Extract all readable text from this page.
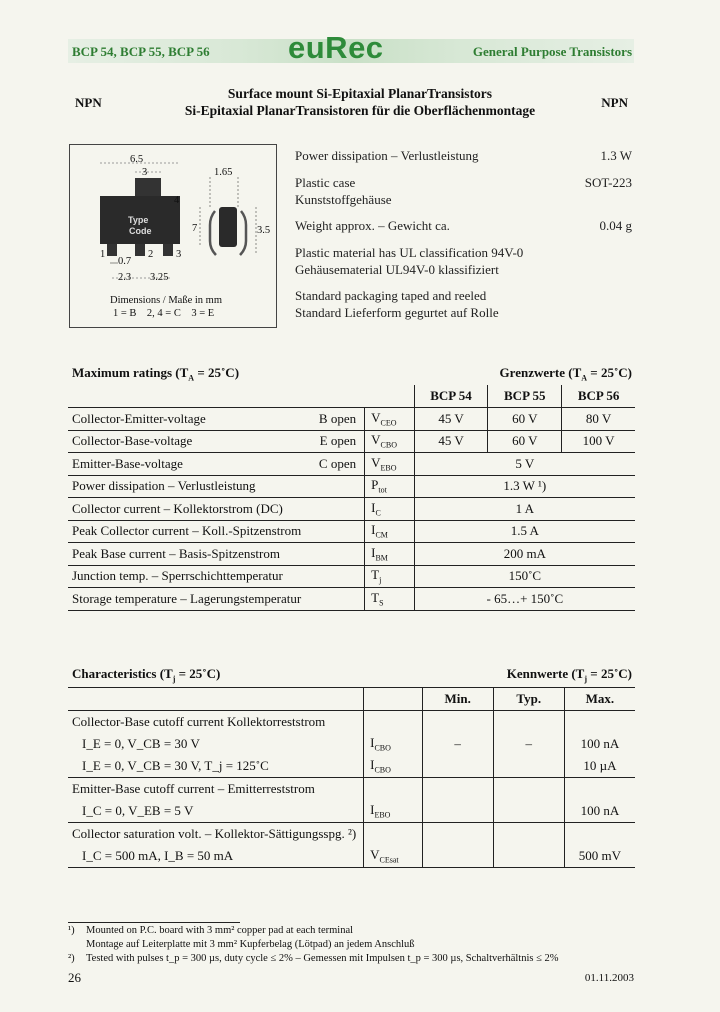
BCP 54, BCP 55, BCP 56	euRec	General Purpose Transistors
NPN	NPN
Surface mount Si-Epitaxial PlanarTransistors
Si-Epitaxial PlanarTransistoren für die Oberflächenmontage
6.5
3	1.65
3.5
7
Type
Code
4
1	2 3
0.7
2.3 3.25
Dimensions / Maße in mm
1 = B    2, 4 = C    3 = E
Power dissipation – Verlustleistung	1.3 W
Plastic case	SOT-223
Kunststoffgehäuse
Weight approx. – Gewicht ca.	0.04 g
Plastic material has UL classification 94V-0
Gehäusematerial UL94V-0 klassifiziert
Standard packaging taped and reeled
Standard Lieferform gegurtet auf Rolle
Maximum ratings ($T_A$ = 25˚C)	Grenzwerte ($T_A$ = 25˚C)
			BCP 54	BCP 55	BCP 56
Collector-Emitter-voltage	B open	$V_{CEO}$	45 V	60 V	80 V
Collector-Base-voltage	E open	$V_{CBO}$	45 V	60 V	100 V
Emitter-Base-voltage	C open	$V_{EBO}$	5 V		
Power dissipation – Verlustleistung		$P_{tot}$	1.3 W ¹)		
Collector current – Kollektorstrom (DC)		$I_C$	1 A		
Peak Collector current – Koll.-Spitzenstrom		$I_{CM}$	1.5 A		
Peak Base current – Basis-Spitzenstrom		$I_{BM}$	200 mA		
Junction temp. – Sperrschichttemperatur		$T_j$	150˚C		
Storage temperature – Lagerungstemperatur		$T_S$	- 65…+ 150˚C		
Characteristics ($T_j$ = 25˚C)	Kennwerte ($T_j$ = 25˚C)
		Min.	Typ.	Max.
Collector-Base cutoff current Kollektorreststrom				
I_E = 0, V_CB = 30 V	$I_{CBO}$	–	–	100 nA
I_E = 0, V_CB = 30 V, T_j = 125˚C	$I_{CBO}$			10 µA
Emitter-Base cutoff current – Emitterreststrom				
I_C = 0, V_EB = 5 V	$I_{EBO}$			100 nA
Collector saturation volt. – Kollektor-Sättigungsspg. ²)				
I_C = 500 mA, I_B = 50 mA	$V_{CEsat}$			500 mV
¹) Mounted on P.C. board with 3 mm² copper pad at each terminal
Montage auf Leiterplatte mit 3 mm² Kupferbelag (Lötpad) an jedem Anschluß
²) Tested with pulses t_p = 300 µs, duty cycle ≤ 2% – Gemessen mit Impulsen t_p = 300 µs, Schaltverhältnis ≤ 2%
26	01.11.2003
